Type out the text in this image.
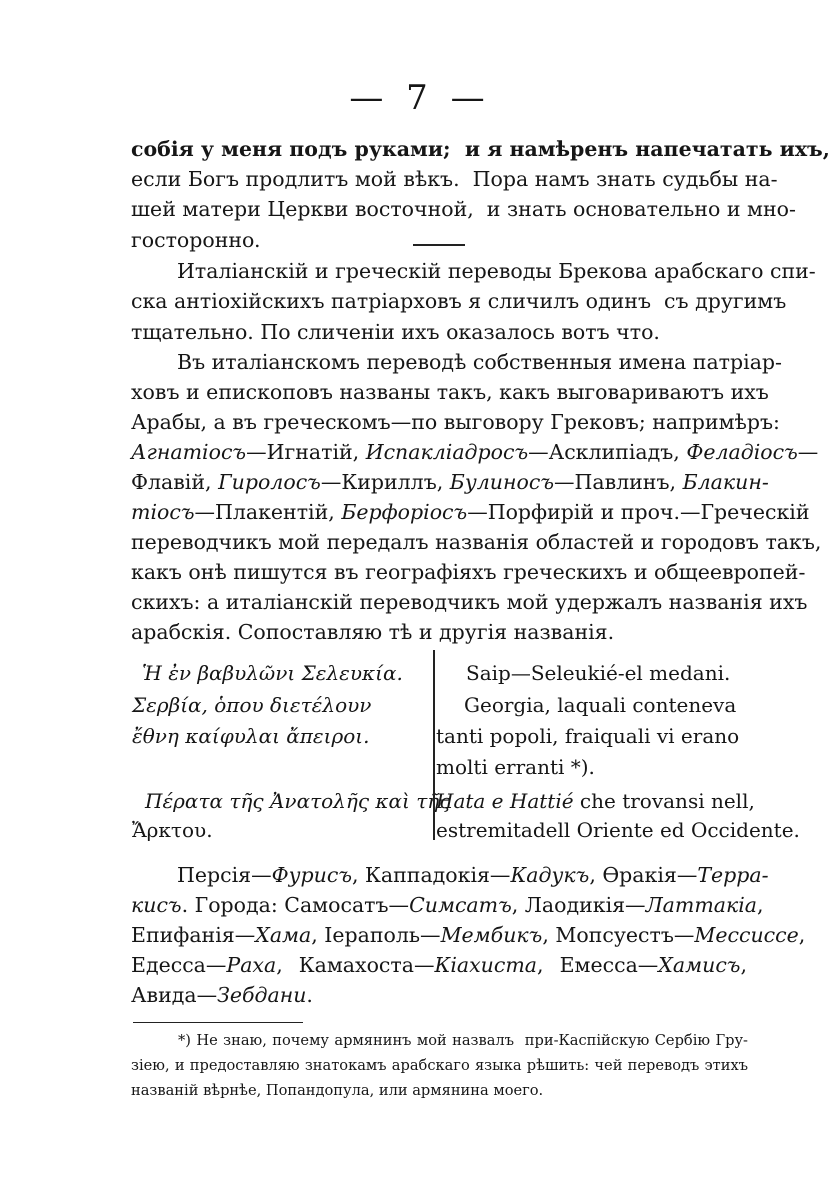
— 7 —
собія у меня подъ руками;  и я намѣренъ напечатать ихъ,
если Богъ продлитъ мой вѣкъ.  Пора намъ знать судьбы на-
шей матери Церкви восточной,  и знать основательно и мно-
гостороннo.
Италіанскій и греческій переводы Брекова арабскаго спи-
ска антіохійскихъ патріарховъ я сличилъ одинъ  съ другимъ
тщательно. По сличеніи ихъ оказалось вотъ что.
Въ италіанскомъ переводѣ собственныя имена патріар-
ховъ и епископовъ названы такъ, какъ выговариваютъ ихъ
Арабы, а въ греческомъ—по выговору Грековъ; напримѣръ:
Агнатіосъ—Игнатій, Испакліадросъ—Асклипіадъ, Феладіосъ—
Флавій, Гиролосъ—Кириллъ, Булиносъ—Павлинъ, Блакин-
тіосъ—Плакентій, Берфоріосъ—Порфирій и проч.—Греческій
переводчикъ мой передалъ названія областей и городовъ такъ,
какъ онѣ пишутся въ географіяхъ греческихъ и общеевропей-
скихъ: а италіанскій переводчикъ мой удержалъ названія ихъ
арабскія. Сопоставляю тѣ и другія названія.
Ἡ ἐν βαβυλῶνι Σελευκία.
Σερβία, ὁπου διετέλουν
ἔθνη καίφυλαι ἄπειροι.
Πέρατα τῆς Ἀνατολῆς καὶ τῆς
Ἄρκτου.
Saip—Seleukié-el medani.
Georgia, laquali conteneva
tanti popoli, fraiquali vi erano
molti erranti *).
Hata e Hattié che trovansi nell,
estremitadell Oriente ed Occidente.
Персія—Фурисъ, Каппадокія—Кадукъ, Ѳракія—Терра-
кисъ. Города: Самосатъ—Симсатъ, Лаодикія—Латтакіа,
Епифанія—Хама, Іераполь—Мембикъ, Мопсуестъ—Мессиссе,
Едесса—Раха, Камахоста—Кіахиста, Емесса—Хамисъ,
Авида—Зебдани.
*) Не знаю, почему армянинъ мой назвалъ  при-Каспійскую Сербію Гру-
зіею, и предоставляю знатокамъ арабскаго языка рѣшить: чей переводъ этихъ
названій вѣрнѣе, Попандопула, или армянина моего.
